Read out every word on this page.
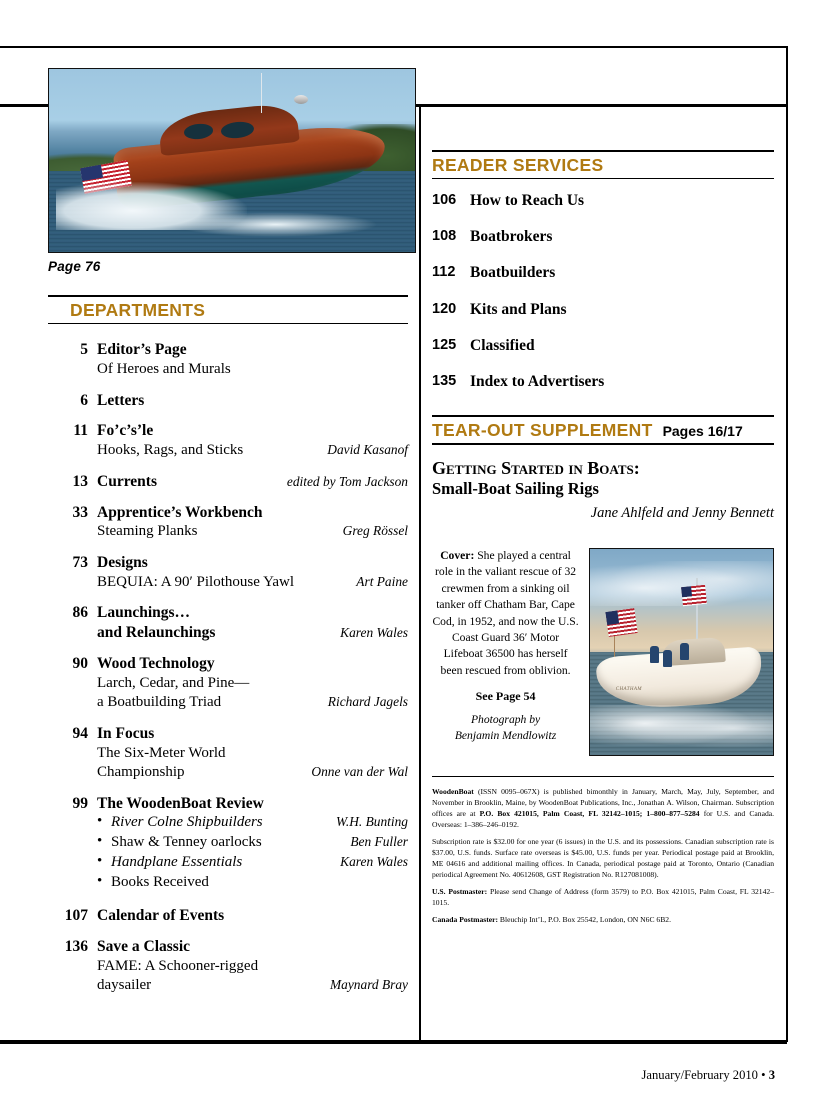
Page 76
DEPARTMENTS
5 Editor’s Page
Of Heroes and Murals
6 Letters
11 Fo’c’s’le
Hooks, Rags, and Sticks	David Kasanof
13 Currents	edited by Tom Jackson
33 Apprentice’s Workbench
Steaming Planks	Greg Rössel
73 Designs
BEQUIA: A 90′ Pilothouse Yawl	Art Paine
86 Launchings…
and Relaunchings	Karen Wales
90 Wood Technology
Larch, Cedar, and Pine—
a Boatbuilding Triad	Richard Jagels
94 In Focus
The Six-Meter World
Championship	Onne van der Wal
99 The WoodenBoat Review
• River Colne Shipbuilders	W.H. Bunting
• Shaw & Tenney oarlocks	Ben Fuller
• Handplane Essentials	Karen Wales
• Books Received
107 Calendar of Events
136 Save a Classic
FAME: A Schooner-rigged
daysailer	Maynard Bray
READER SERVICES
106 How to Reach Us
108 Boatbrokers
112 Boatbuilders
120 Kits and Plans
125 Classified
135 Index to Advertisers
TEAR-OUT SUPPLEMENT Pages 16/17
Getting Started in Boats:
Small-Boat Sailing Rigs
Jane Ahlfeld and Jenny Bennett
Cover: She played a central role in the valiant rescue of 32 crewmen from a sinking oil tanker off Chatham Bar, Cape Cod, in 1952, and now the U.S. Coast Guard 36′ Motor Lifeboat 36500 has herself been rescued from oblivion.
See Page 54
Photograph by
Benjamin Mendlowitz
CHATHAM

WoodenBoat (ISSN 0095–067X) is published bimonthly in January, March, May, July, September, and November in Brooklin, Maine, by WoodenBoat Publications, Inc., Jonathan A. Wilson, Chairman. Subscription offices are at P.O. Box 421015, Palm Coast, FL 32142–1015; 1–800–877–5284 for U.S. and Canada. Overseas: 1–386–246–0192.

Subscription rate is $32.00 for one year (6 issues) in the U.S. and its possessions. Canadian subscription rate is $37.00, U.S. funds. Surface rate overseas is $45.00, U.S. funds per year. Periodical postage paid at Brooklin, ME 04616 and additional mailing offices. In Canada, periodical postage paid at Toronto, Ontario (Canadian periodical Agreement No. 40612608, GST Registration No. R127081008).

U.S. Postmaster: Please send Change of Address (form 3579) to P.O. Box 421015, Palm Coast, FL 32142–1015.

Canada Postmaster: Bleuchip Int’l., P.O. Box 25542, London, ON N6C 6B2.

January/February 2010 • 3
